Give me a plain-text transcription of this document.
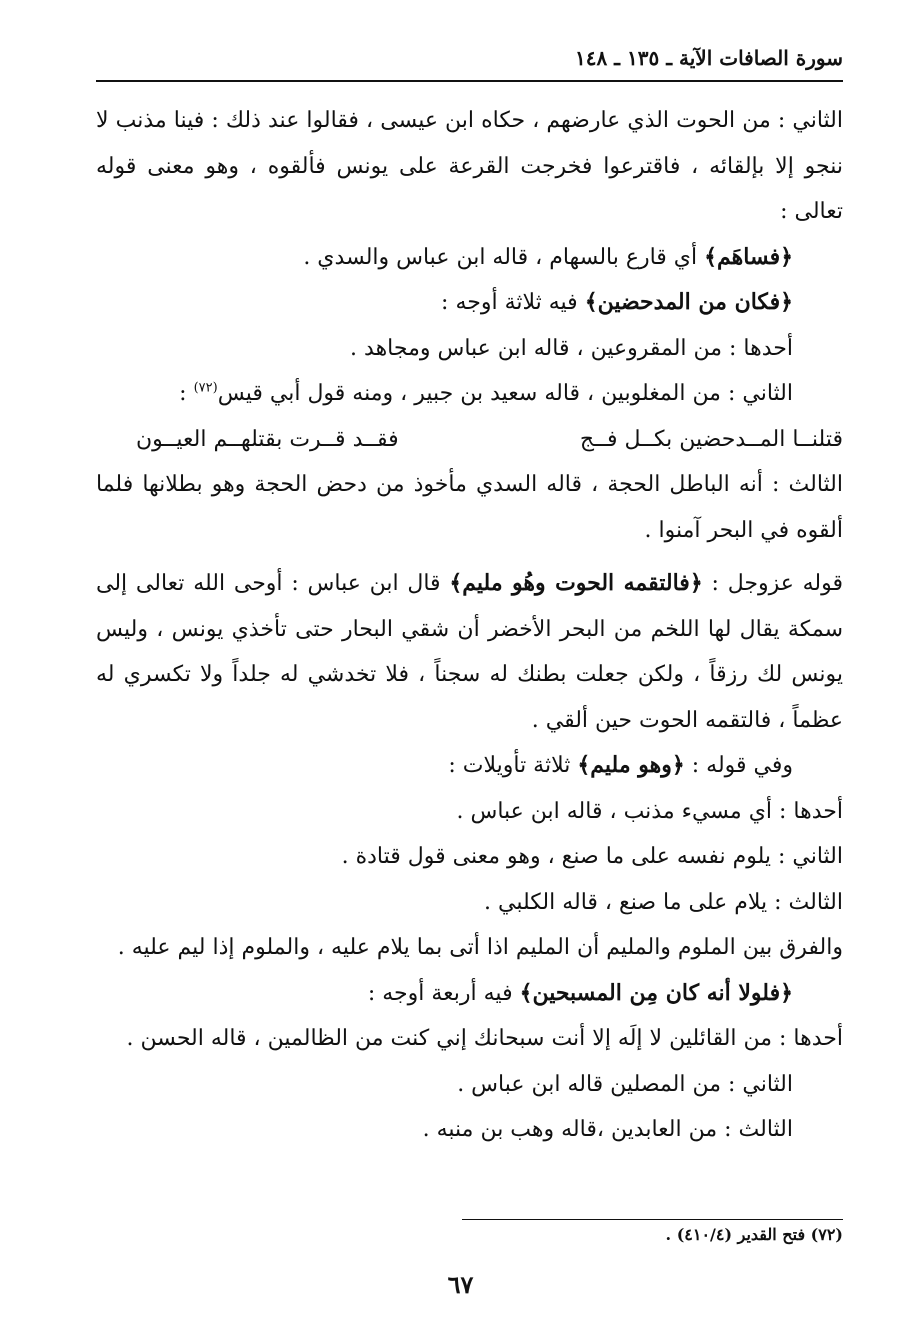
سورة الصافات الآية ـ ١٣٥ ـ ١٤٨

الثاني : من الحوت الذي عارضهم ، حكاه ابن عيسى ، فقالوا عند ذلك : فينا مذنب لا ننجو إلا بإلقائه ، فاقترعوا فخرجت القرعة على يونس فألقوه ، وهو معنى قوله تعالى :

﴿فساهَم﴾ أي قارع بالسهام ، قاله ابن عباس والسدي .

﴿فكان من المدحضين﴾ فيه ثلاثة أوجه :

أحدها : من المقروعين ، قاله ابن عباس ومجاهد .

الثاني : من المغلوبين ، قاله سعيد بن جبير ، ومنه قول أبي قيس$^{(٧٢)}$ :

قتلنــا المــدحضين بكــل فــج
فقــد قــرت بقتلهــم العيــون

الثالث : أنه الباطل الحجة ، قاله السدي مأخوذ من دحض الحجة وهو بطلانها فلما ألقوه في البحر آمنوا .

قوله عزوجل : ﴿فالتقمه الحوت وهُو مليم﴾ قال ابن عباس : أوحى الله تعالى إلى سمكة يقال لها اللخم من البحر الأخضر أن شقي البحار حتى تأخذي يونس ، وليس يونس لك رزقاً ، ولكن جعلت بطنك له سجناً ، فلا تخدشي له جلداً ولا تكسري له عظماً ، فالتقمه الحوت حين ألقي .

وفي قوله : ﴿وهو مليم﴾ ثلاثة تأويلات :

أحدها : أي مسيء مذنب ، قاله ابن عباس .

الثاني : يلوم نفسه على ما صنع ، وهو معنى قول قتادة .

الثالث : يلام على ما صنع ، قاله الكلبي .

والفرق بين الملوم والمليم أن المليم اذا أتى بما يلام عليه ، والملوم إذا ليم عليه .

﴿فلولا أنه كان مِن المسبحين﴾ فيه أربعة أوجه :

أحدها : من القائلين لا إلَه إلا أنت سبحانك إني كنت من الظالمين ، قاله الحسن .

الثاني : من المصلين قاله ابن عباس .

الثالث : من العابدين ،قاله وهب بن منبه .

(٧٢) فتح القدير (٤١٠/٤) .
٦٧
